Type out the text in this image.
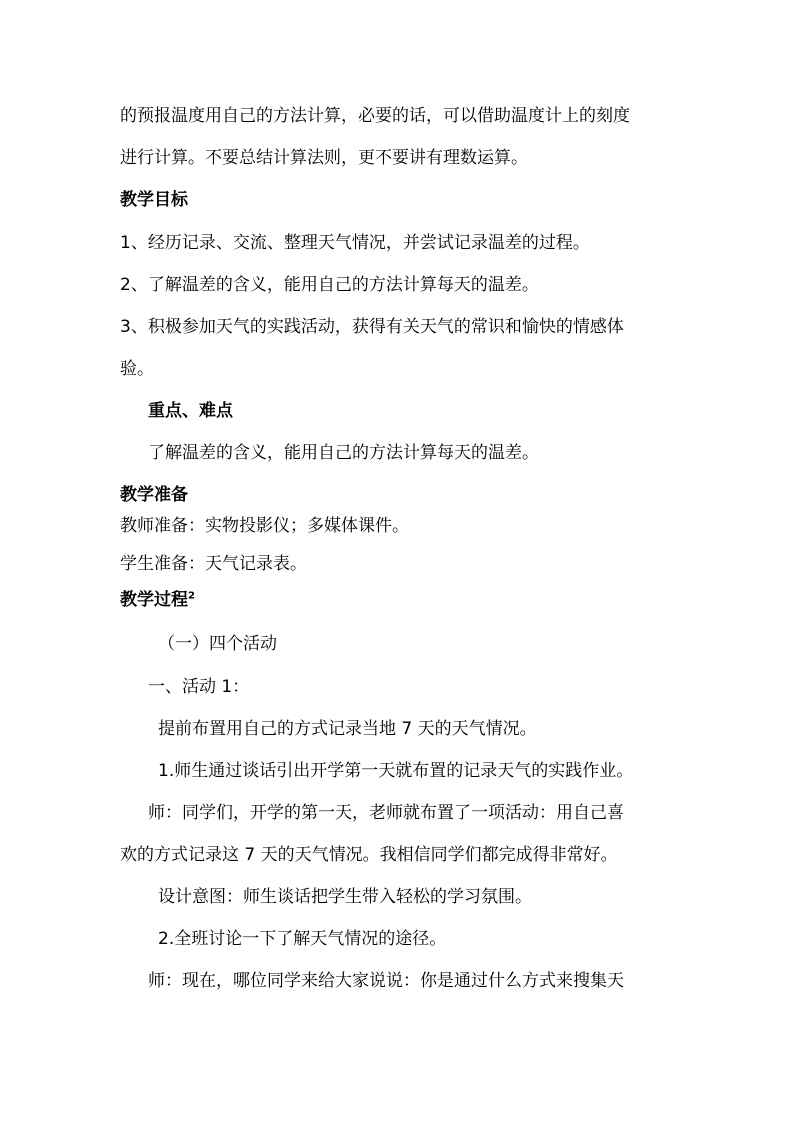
的预报温度用自己的方法计算，必要的话，可以借助温度计上的刻度
进行计算。不要总结计算法则，更不要讲有理数运算。
教学目标
1、经历记录、交流、整理天气情况，并尝试记录温差的过程。
2、了解温差的含义，能用自己的方法计算每天的温差。
3、积极参加天气的实践活动，获得有关天气的常识和愉快的情感体
验。
重点、难点
了解温差的含义，能用自己的方法计算每天的温差。
教学准备
教师准备：实物投影仪；多媒体课件。
学生准备：天气记录表。
教学过程$^2$
（一）四个活动
一、活动 1：
提前布置用自己的方式记录当地 7 天的天气情况。
1.师生通过谈话引出开学第一天就布置的记录天气的实践作业。
师：同学们，开学的第一天，老师就布置了一项活动：用自己喜
欢的方式记录这 7 天的天气情况。我相信同学们都完成得非常好。
设计意图：师生谈话把学生带入轻松的学习氛围。
2.全班讨论一下了解天气情况的途径。
师：现在，哪位同学来给大家说说：你是通过什么方式来搜集天
